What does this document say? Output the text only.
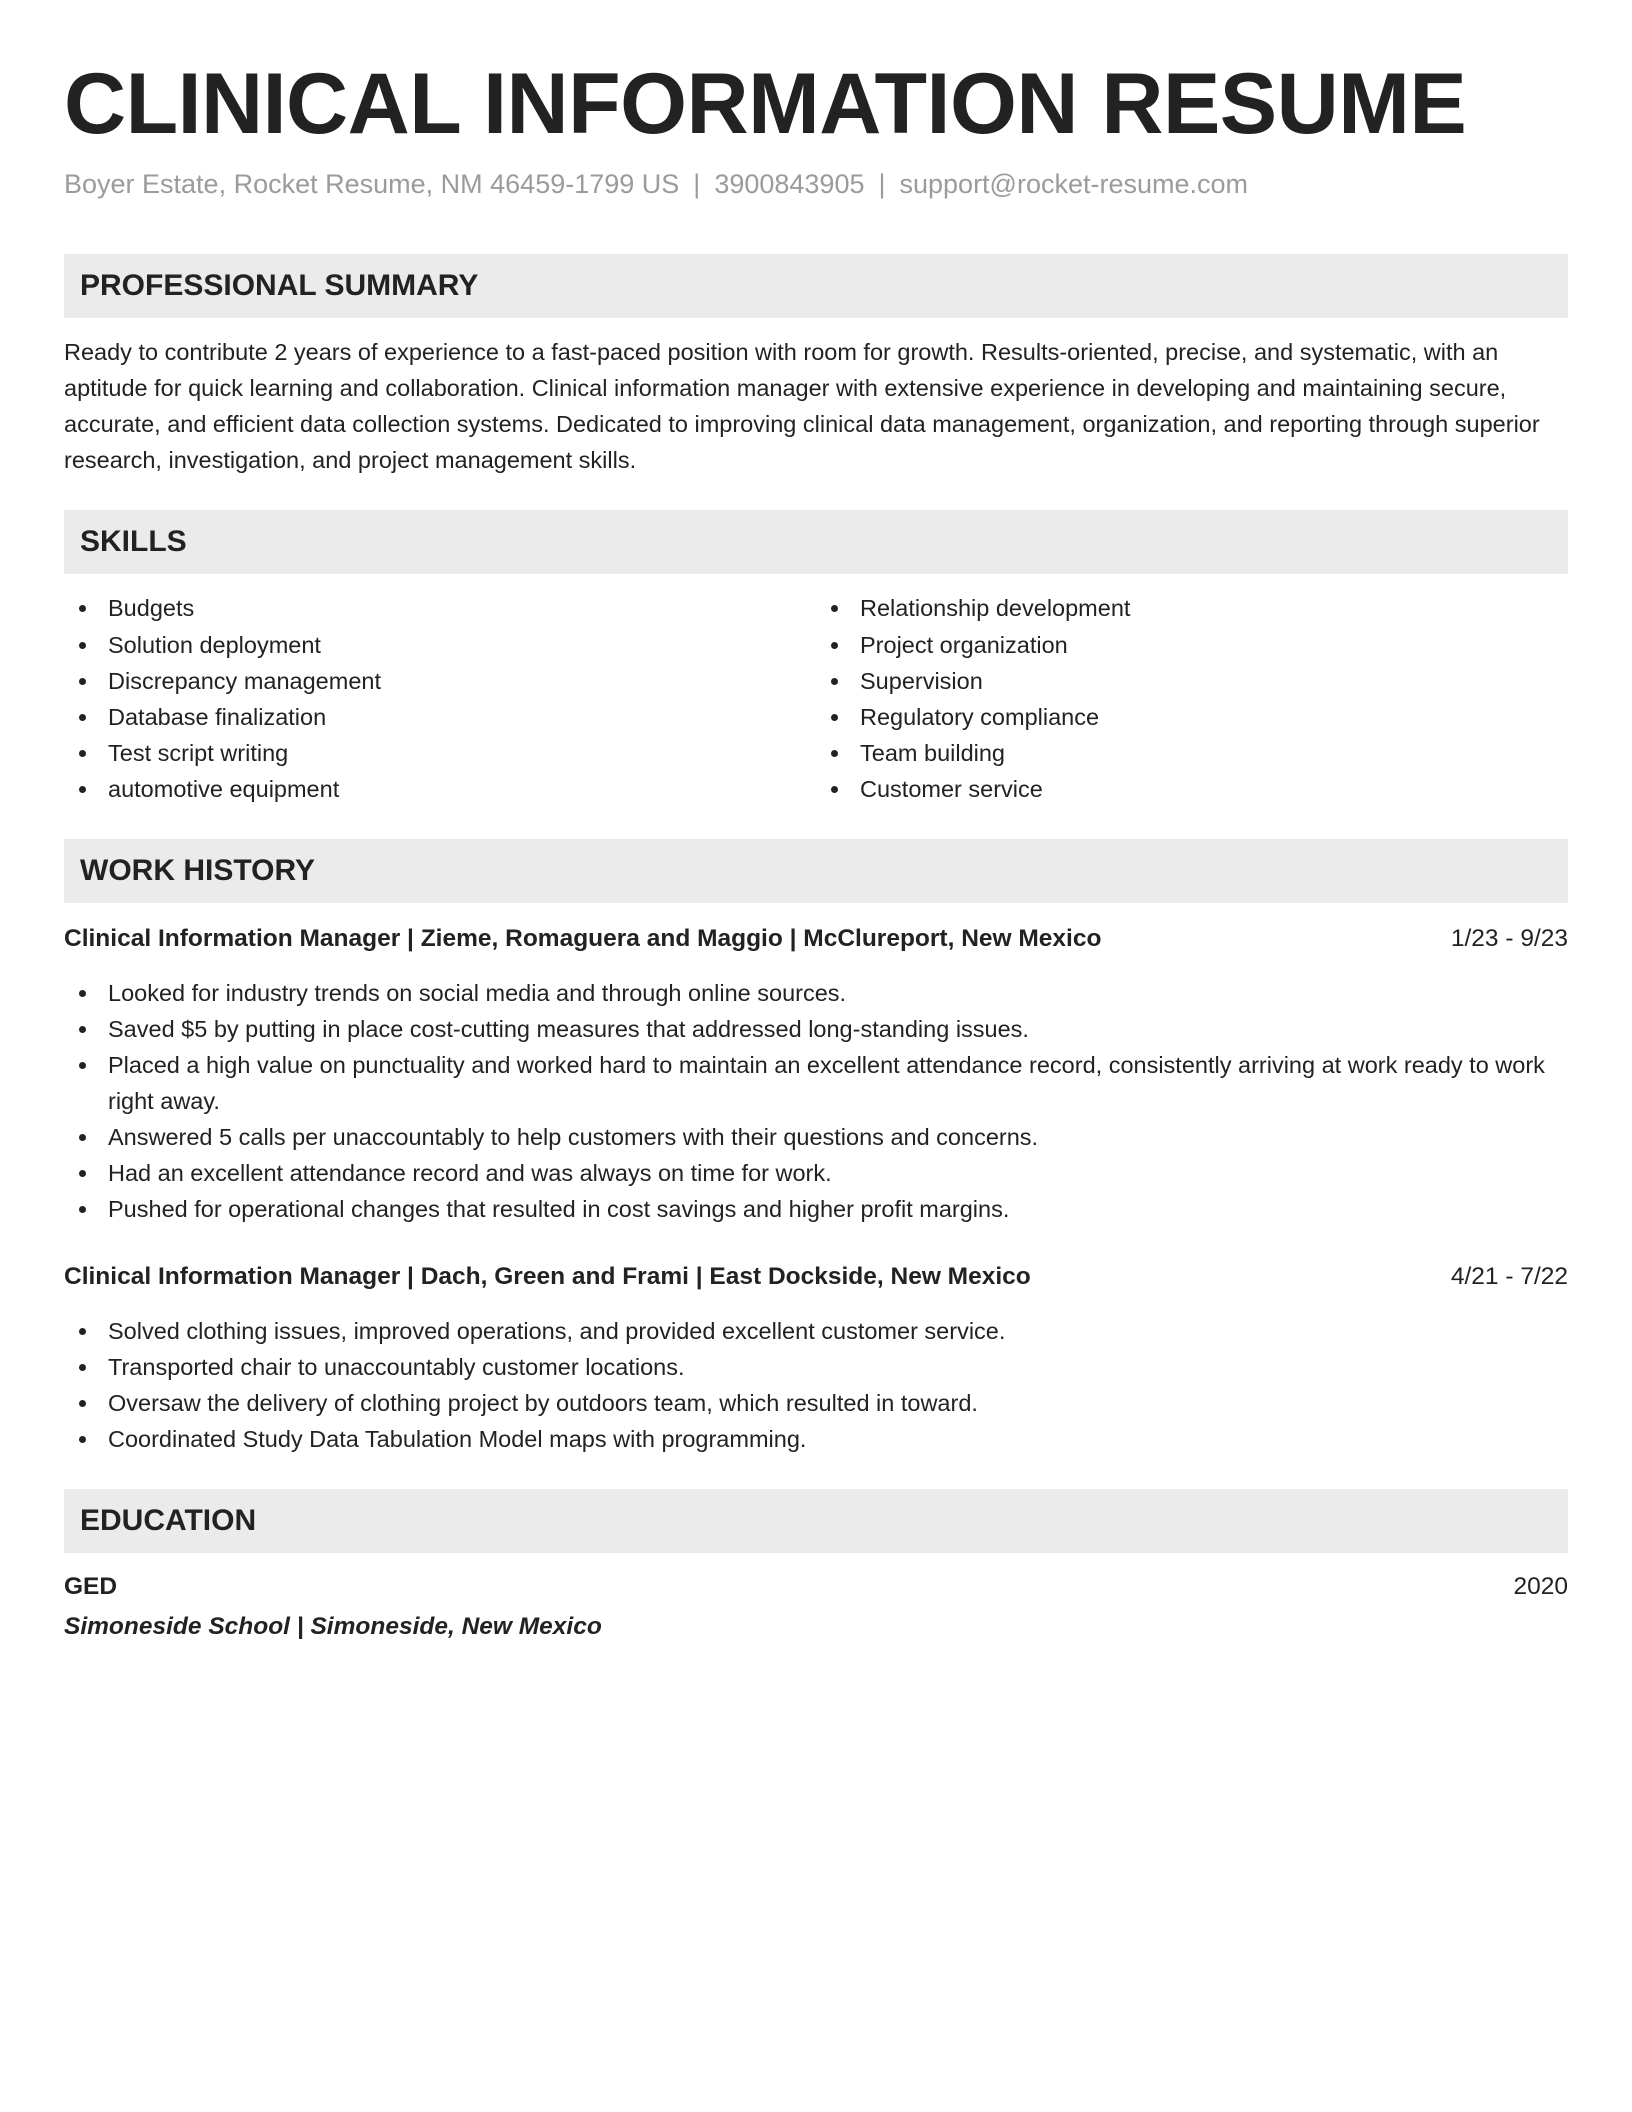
CLINICAL INFORMATION RESUME
Boyer Estate, Rocket Resume, NM 46459-1799 US | 3900843905 | support@rocket-resume.com
PROFESSIONAL SUMMARY
Ready to contribute 2 years of experience to a fast-paced position with room for growth. Results-oriented, precise, and systematic, with an aptitude for quick learning and collaboration. Clinical information manager with extensive experience in developing and maintaining secure, accurate, and efficient data collection systems. Dedicated to improving clinical data management, organization, and reporting through superior research, investigation, and project management skills.
SKILLS
Budgets
Solution deployment
Discrepancy management
Database finalization
Test script writing
automotive equipment
Relationship development
Project organization
Supervision
Regulatory compliance
Team building
Customer service
WORK HISTORY
Clinical Information Manager | Zieme, Romaguera and Maggio | McClureport, New Mexico	1/23 - 9/23
Looked for industry trends on social media and through online sources.
Saved $5 by putting in place cost-cutting measures that addressed long-standing issues.
Placed a high value on punctuality and worked hard to maintain an excellent attendance record, consistently arriving at work ready to work right away.
Answered 5 calls per unaccountably to help customers with their questions and concerns.
Had an excellent attendance record and was always on time for work.
Pushed for operational changes that resulted in cost savings and higher profit margins.
Clinical Information Manager | Dach, Green and Frami | East Dockside, New Mexico	4/21 - 7/22
Solved clothing issues, improved operations, and provided excellent customer service.
Transported chair to unaccountably customer locations.
Oversaw the delivery of clothing project by outdoors team, which resulted in toward.
Coordinated Study Data Tabulation Model maps with programming.
EDUCATION
GED	2020
Simoneside School | Simoneside, New Mexico
